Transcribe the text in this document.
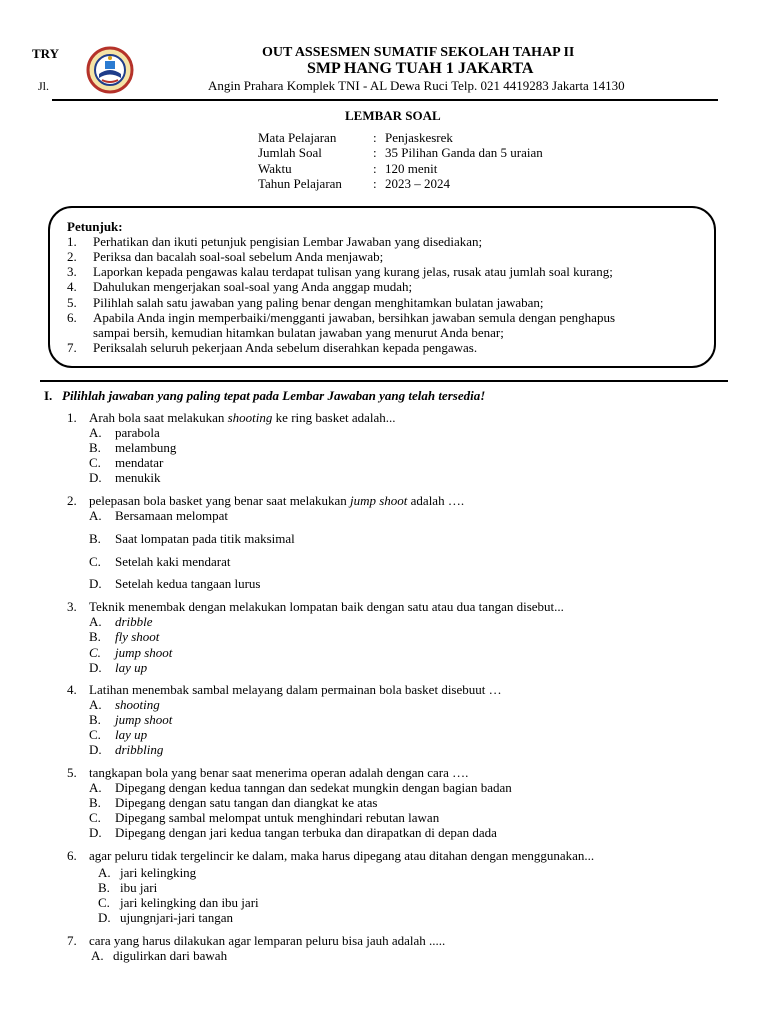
TRY
Jl.
OUT ASSESMEN SUMATIF SEKOLAH TAHAP II
SMP HANG TUAH 1 JAKARTA
Angin Prahara Komplek TNI - AL Dewa Ruci Telp. 021 4419283 Jakarta 14130
LEMBAR SOAL
Mata Pelajaran	: Penjaskesrek
Jumlah Soal	: 35 Pilihan Ganda dan 5 uraian
Waktu	: 120 menit
Tahun Pelajaran : 2023 – 2024
Petunjuk:
1. Perhatikan dan ikuti petunjuk pengisian Lembar Jawaban yang disediakan;
2. Periksa dan bacalah soal-soal sebelum Anda menjawab;
3. Laporkan kepada pengawas kalau terdapat tulisan yang kurang jelas, rusak atau jumlah soal kurang;
4. Dahulukan mengerjakan soal-soal yang Anda anggap mudah;
5. Pilihlah salah satu jawaban yang paling benar dengan menghitamkan bulatan jawaban;
6. Apabila Anda ingin memperbaiki/mengganti jawaban, bersihkan jawaban semula dengan penghapus
sampai bersih, kemudian hitamkan bulatan jawaban yang menurut Anda benar;
7. Periksalah seluruh pekerjaan Anda sebelum diserahkan kepada pengawas.
I. Pilihlah jawaban yang paling tepat pada Lembar Jawaban yang telah tersedia!
1. Arah bola saat melakukan shooting ke ring basket adalah...
A. parabola
B. melambung
C. mendatar
D. menukik
2. pelepasan bola basket yang benar saat melakukan jump shoot adalah ….
A. Bersamaan melompat
B. Saat lompatan pada titik maksimal
C. Setelah kaki mendarat
D. Setelah kedua tangaan lurus
3. Teknik menembak dengan melakukan lompatan baik dengan satu atau dua tangan disebut...
A. dribble
B. fly shoot
C. jump shoot
D. lay up
4. Latihan menembak sambal melayang dalam permainan bola basket disebuut …
A. shooting
B. jump shoot
C. lay up
D. dribbling
5. tangkapan bola yang benar saat menerima operan adalah dengan cara ….
A. Dipegang dengan kedua tanngan dan sedekat mungkin dengan bagian badan
B. Dipegang dengan satu tangan dan diangkat ke atas
C. Dipegang sambal melompat untuk menghindari rebutan lawan
D. Dipegang dengan jari kedua tangan terbuka dan dirapatkan di depan dada
6. agar peluru tidak tergelincir ke dalam, maka harus dipegang atau ditahan dengan menggunakan...
A. jari kelingking
B. ibu jari
C. jari kelingking dan ibu jari
D. ujungnjari-jari tangan
7. cara yang harus dilakukan agar lemparan peluru bisa jauh adalah .....
A. digulirkan dari bawah
